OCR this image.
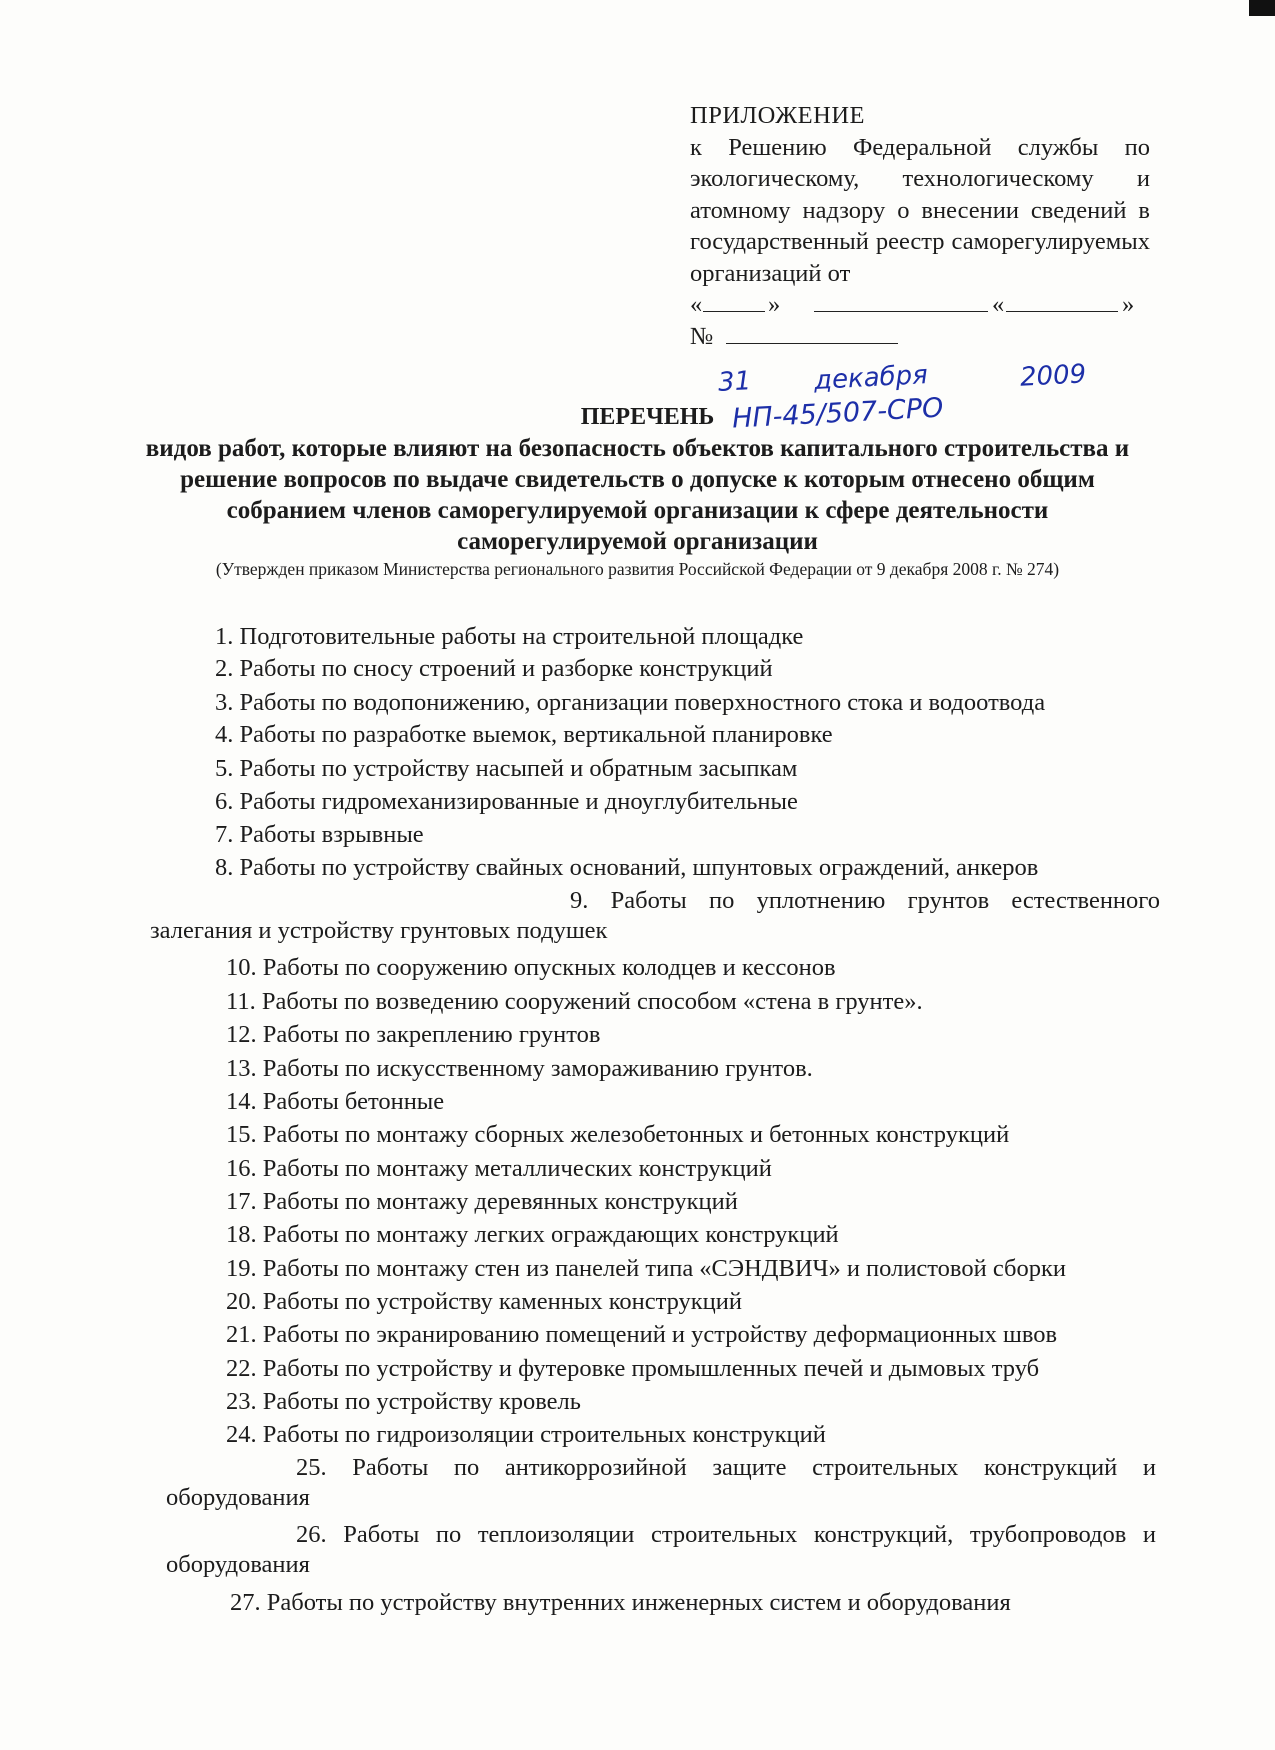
ПРИЛОЖЕНИЕ
к Решению Федеральной службы по экологическому, технологическому и атомному надзору о внесении сведений в государственный реестр саморегулируемых организаций от
«	»	«	»
№
31 декабря	2009
НП-45/507-СРО
ПЕРЕЧЕНЬ
видов работ, которые влияют на безопасность объектов капитального строительства и решение вопросов по выдаче свидетельств о допуске к которым отнесено общим собранием членов саморегулируемой организации к сфере деятельности саморегулируемой организации
(Утвержден приказом Министерства регионального развития Российской Федерации от 9 декабря 2008 г. № 274)
1. Подготовительные работы на строительной площадке
2. Работы по сносу строений и разборке конструкций
3. Работы по водопонижению, организации поверхностного стока и водоотвода
4. Работы по разработке выемок, вертикальной планировке
5. Работы по устройству насыпей и обратным засыпкам
6. Работы гидромеханизированные и дноуглубительные
7. Работы взрывные
8. Работы по устройству свайных оснований, шпунтовых ограждений, анкеров
9. Работы по уплотнению грунтов естественного залегания и устройству грунтовых подушек
10. Работы по сооружению опускных колодцев и кессонов
11. Работы по возведению сооружений способом «стена в грунте».
12. Работы по закреплению грунтов
13. Работы по искусственному замораживанию грунтов.
14. Работы бетонные
15. Работы по монтажу сборных железобетонных и бетонных конструкций
16. Работы по монтажу металлических конструкций
17. Работы по монтажу деревянных конструкций
18. Работы по монтажу легких ограждающих конструкций
19. Работы по монтажу стен из панелей типа «СЭНДВИЧ» и полистовой сборки
20. Работы по устройству каменных конструкций
21. Работы по экранированию помещений и устройству деформационных швов
22. Работы по устройству и футеровке промышленных печей и дымовых труб
23. Работы по устройству кровель
24. Работы по гидроизоляции строительных конструкций
25. Работы по антикоррозийной защите строительных конструкций и оборудования
26. Работы по теплоизоляции строительных конструкций, трубопроводов и оборудования
27. Работы по устройству внутренних инженерных систем и оборудования
